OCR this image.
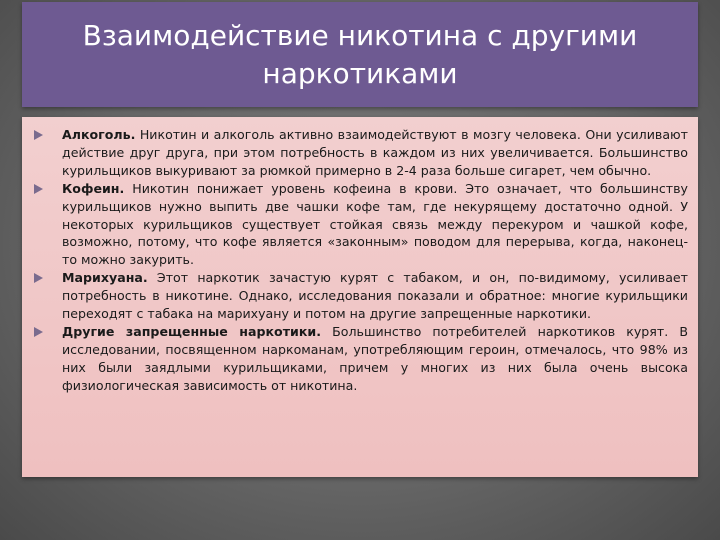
Взаимодействие никотина с другими наркотиками
Алкоголь. Никотин и алкоголь активно взаимодействуют в мозгу человека. Они усиливают действие друг друга, при этом потребность в каждом из них увеличивается. Большинство курильщиков выкуривают за рюмкой примерно в 2-4 раза больше сигарет, чем обычно.
Кофеин. Никотин понижает уровень кофеина в крови. Это означает, что большинству курильщиков нужно выпить две чашки кофе там, где некурящему достаточно одной. У некоторых курильщиков существует стойкая связь между перекуром и чашкой кофе, возможно, потому, что кофе является «законным» поводом для перерыва, когда, наконец-то можно закурить.
Марихуана. Этот наркотик зачастую курят с табаком, и он, по-видимому, усиливает потребность в никотине. Однако, исследования показали и обратное: многие курильщики переходят с табака на марихуану и потом на другие запрещенные наркотики.
Другие запрещенные наркотики. Большинство потребителей наркотиков курят. В исследовании, посвященном наркоманам, употребляющим героин, отмечалось, что 98% из них были заядлыми курильщиками, причем у многих из них была очень высока физиологическая зависимость от никотина.
